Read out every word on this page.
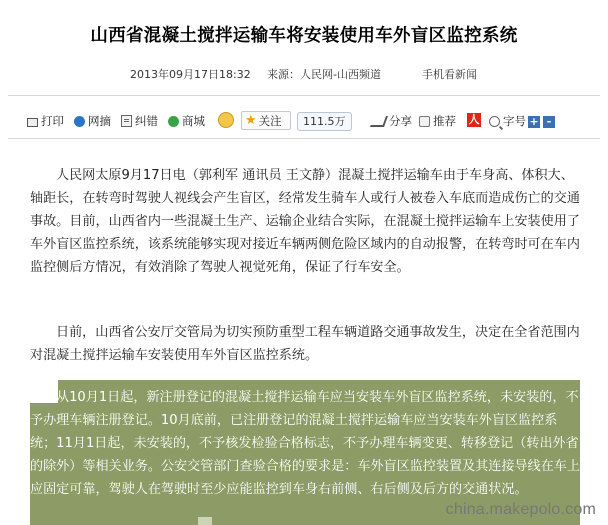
山西省混凝土搅拌运输车将安装使用车外盲区监控系统
2013年09月17日18:32 来源：人民网-山西频道	手机看新闻
打印 网摘 纠错 商城	★ 关注	111.5万	分享 推荐 人 字号 + -
人民网太原9月17日电（郭利军 通讯员 王文静）混凝土搅拌运输车由于车身高、体积大、轴距长，在转弯时驾驶人视线会产生盲区，经常发生骑车人或行人被卷入车底而造成伤亡的交通事故。目前，山西省内一些混凝土生产、运输企业结合实际，在混凝土搅拌运输车上安装使用了车外盲区监控系统，该系统能够实现对接近车辆两侧危险区域内的自动报警，在转弯时可在车内监控侧后方情况，有效消除了驾驶人视觉死角，保证了行车安全。
日前，山西省公安厅交管局为切实预防重型工程车辆道路交通事故发生，决定在全省范围内对混凝土搅拌运输车安装使用车外盲区监控系统。
从10月1日起，新注册登记的混凝土搅拌运输车应当安装车外盲区监控系统，未安装的，不予办理车辆注册登记。10月底前，已注册登记的混凝土搅拌运输车应当安装车外盲区监控系统；11月1日起，未安装的，不予核发检验合格标志，不予办理车辆变更、转移登记（转出外省的除外）等相关业务。公安交管部门查验合格的要求是：车外盲区监控装置及其连接导线在车上应固定可靠，驾驶人在驾驶时至少应能监控到车身右前侧、右后侧及后方的交通状况。
china.makepolo.com
